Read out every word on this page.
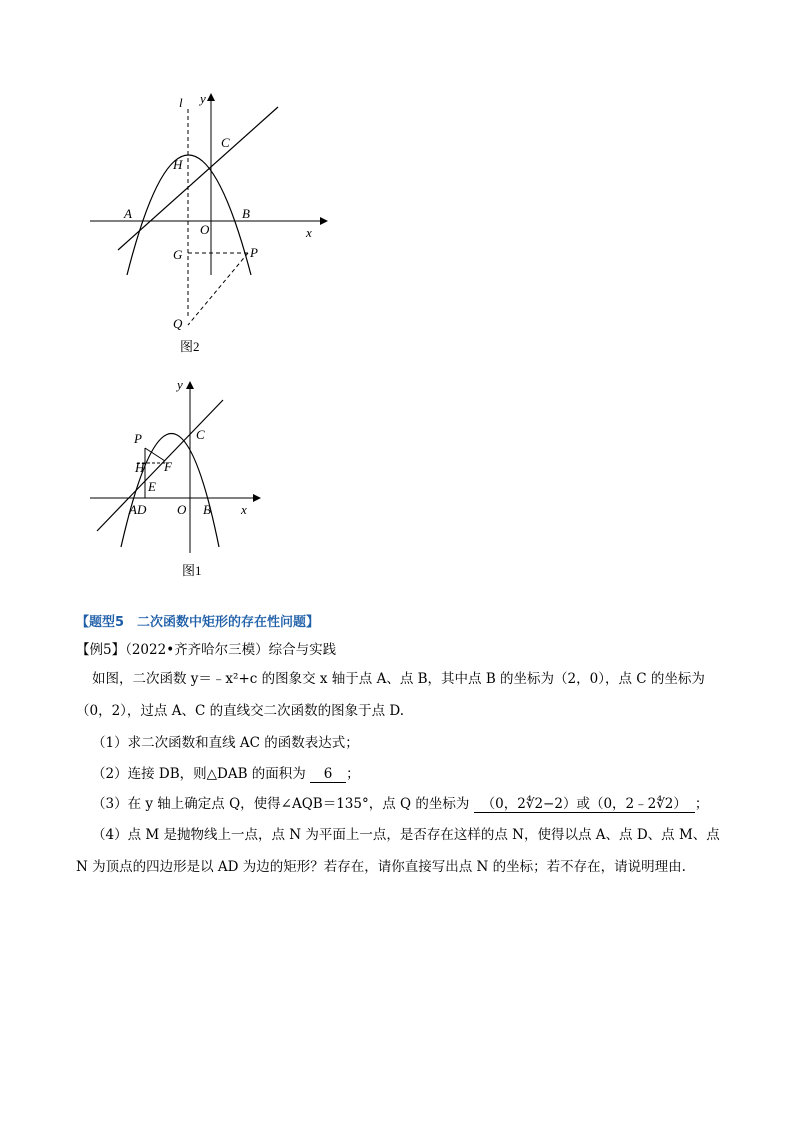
l y
C
H
A	B
O	x
G	P
Q
图2
y
C
P
H F
E
AD O B x
图1
【题型5　二次函数中矩形的存在性问题】
【例5】（2022•齐齐哈尔三模）综合与实践
如图，二次函数 y＝﹣x²+c 的图象交 x 轴于点 A、点 B，其中点 B 的坐标为（2，0），点 C 的坐标为
（0，2），过点 A、C 的直线交二次函数的图象于点 D.
（1）求二次函数和直线 AC 的函数表达式；
（2）连接 DB，则△DAB 的面积为 6 ；
（3）在 y 轴上确定点 Q，使得∠AQB＝135°，点 Q 的坐标为 （0，2∜2−2）或（0，2﹣2∜2） ；
（4）点 M 是抛物线上一点，点 N 为平面上一点，是否存在这样的点 N，使得以点 A、点 D、点 M、点
N 为顶点的四边形是以 AD 为边的矩形？若存在，请你直接写出点 N 的坐标；若不存在，请说明理由.
